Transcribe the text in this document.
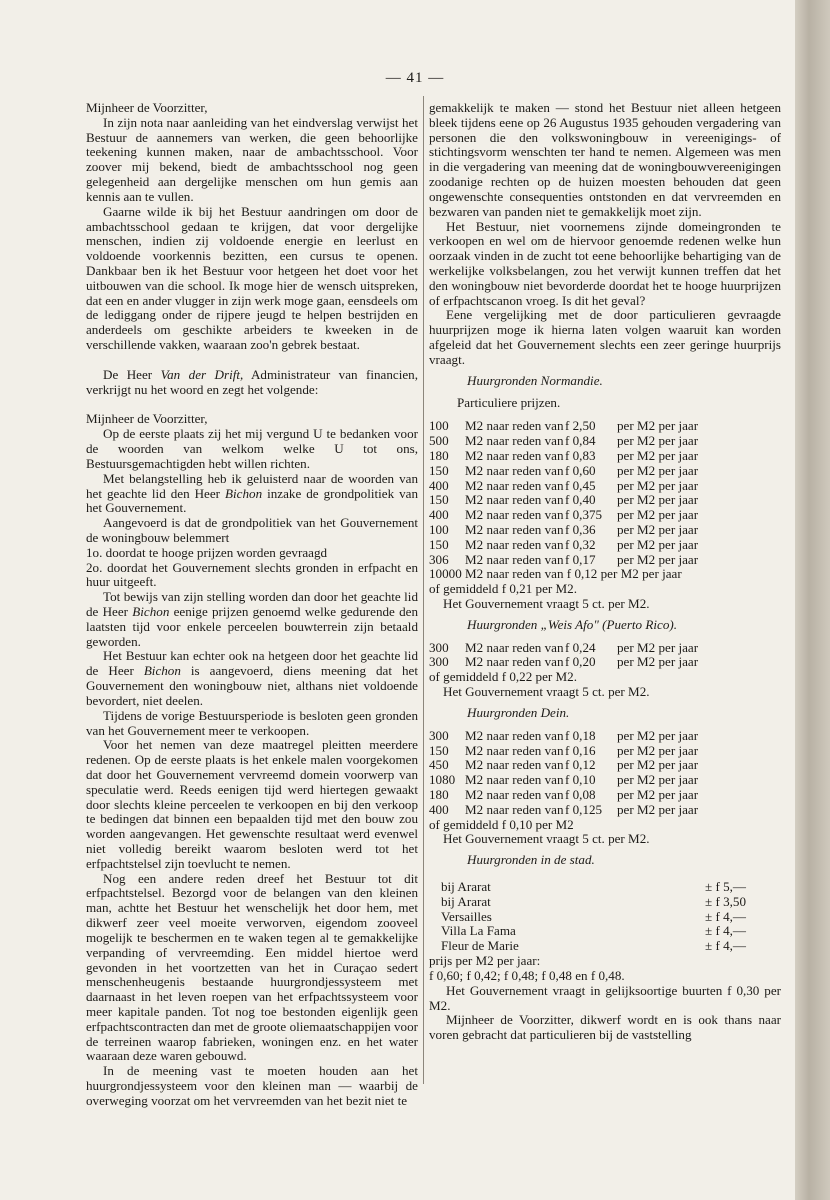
— 41 —

Mijnheer de Voorzitter,

In zijn nota naar aanleiding van het eindverslag verwijst het Bestuur de aannemers van werken, die geen behoorlijke teekening kunnen maken, naar de ambachtsschool. Voor zoover mij bekend, biedt de ambachtsschool nog geen gelegenheid aan dergelijke menschen om hun gemis aan kennis aan te vullen.

Gaarne wilde ik bij het Bestuur aandringen om door de ambachtsschool gedaan te krijgen, dat voor dergelijke menschen, indien zij voldoende energie en leerlust en voldoende voorkennis bezitten, een cursus te openen. Dankbaar ben ik het Bestuur voor hetgeen het doet voor het uitbouwen van die school. Ik moge hier de wensch uitspreken, dat een en ander vlugger in zijn werk moge gaan, eensdeels om de lediggang onder de rijpere jeugd te helpen bestrijden en anderdeels om geschikte arbeiders te kweeken in de verschillende vakken, waaraan zoo'n gebrek bestaat.

De Heer Van der Drift, Administrateur van financien, verkrijgt nu het woord en zegt het volgende:

Mijnheer de Voorzitter,

Op de eerste plaats zij het mij vergund U te bedanken voor de woorden van welkom welke U tot ons, Bestuursgemachtigden hebt willen richten.

Met belangstelling heb ik geluisterd naar de woorden van het geachte lid den Heer Bichon inzake de grondpolitiek van het Gouvernement.

Aangevoerd is dat de grondpolitiek van het Gouvernement de woningbouw belemmert

1o. doordat te hooge prijzen worden gevraagd

2o. doordat het Gouvernement slechts gronden in erfpacht en huur uitgeeft.

Tot bewijs van zijn stelling worden dan door het geachte lid de Heer Bichon eenige prijzen genoemd welke gedurende den laatsten tijd voor enkele perceelen bouwterrein zijn betaald geworden.

Het Bestuur kan echter ook na hetgeen door het geachte lid de Heer Bichon is aangevoerd, diens meening dat het Gouvernement den woningbouw niet, althans niet voldoende bevordert, niet deelen.

Tijdens de vorige Bestuursperiode is besloten geen gronden van het Gouvernement meer te verkoopen.

Voor het nemen van deze maatregel pleitten meerdere redenen. Op de eerste plaats is het enkele malen voorgekomen dat door het Gouvernement vervreemd domein voorwerp van speculatie werd. Reeds eenigen tijd werd hiertegen gewaakt door slechts kleine perceelen te verkoopen en bij den verkoop te bedingen dat binnen een bepaalden tijd met den bouw zou worden aangevangen. Het gewenschte resultaat werd evenwel niet volledig bereikt waarom besloten werd tot het erfpachtstelsel zijn toevlucht te nemen.

Nog een andere reden dreef het Bestuur tot dit erfpachtstelsel. Bezorgd voor de belangen van den kleinen man, achtte het Bestuur het wenschelijk het door hem, met dikwerf zeer veel moeite verworven, eigendom zooveel mogelijk te beschermen en te waken tegen al te gemakkelijke verpanding of vervreemding. Een middel hiertoe werd gevonden in het voortzetten van het in Curaçao sedert menschenheugenis bestaande huurgrondjessysteem met daarnaast in het leven roepen van het erfpachtssysteem voor meer kapitale panden. Tot nog toe bestonden eigenlijk geen erfpachtscontracten dan met de groote oliemaatschappijen voor de terreinen waarop fabrieken, woningen enz. en het water waaraan deze waren gebouwd.

In de meening vast te moeten houden aan het huurgrondjessysteem voor den kleinen man — waarbij de overweging voorzat om het vervreemden van het bezit niet te

gemakkelijk te maken — stond het Bestuur niet alleen hetgeen bleek tijdens eene op 26 Augustus 1935 gehouden vergadering van personen die den volkswoningbouw in vereenigings- of stichtingsvorm wenschten ter hand te nemen. Algemeen was men in die vergadering van meening dat de woningbouwvereenigingen zoodanige rechten op de huizen moesten behouden dat geen ongewenschte consequenties ontstonden en dat vervreemden en bezwaren van panden niet te gemakkelijk moet zijn.

Het Bestuur, niet voornemens zijnde domeingronden te verkoopen en wel om de hiervoor genoemde redenen welke hun oorzaak vinden in de zucht tot eene behoorlijke behartiging van de werkelijke volksbelangen, zou het verwijt kunnen treffen dat het den woningbouw niet bevorderde doordat het te hooge huurprijzen of erfpachtscanon vroeg. Is dit het geval?

Eene vergelijking met de door particulieren gevraagde huurprijzen moge ik hierna laten volgen waaruit kan worden afgeleid dat het Gouvernement slechts een zeer geringe huurprijs vraagt.

Huurgronden Normandie.

Particuliere prijzen.

100	M2 naar reden van	f 2,50	per M2 per jaar
500	M2 naar reden van	f 0,84	per M2 per jaar
180	M2 naar reden van	f 0,83	per M2 per jaar
150	M2 naar reden van	f 0,60	per M2 per jaar
400	M2 naar reden van	f 0,45	per M2 per jaar
150	M2 naar reden van	f 0,40	per M2 per jaar
400	M2 naar reden van	f 0,375	per M2 per jaar
100	M2 naar reden van	f 0,36	per M2 per jaar
150	M2 naar reden van	f 0,32	per M2 per jaar
306	M2 naar reden van	f 0,17	per M2 per jaar

10000 M2 naar reden van f 0,12 per M2 per jaar

of gemiddeld f 0,21 per M2.

Het Gouvernement vraagt 5 ct. per M2.

Huurgronden „Weis Afo" (Puerto Rico).
300	M2 naar reden van	f 0,24	per M2 per jaar
300	M2 naar reden van	f 0,20	per M2 per jaar

of gemiddeld f 0,22 per M2.

Het Gouvernement vraagt 5 ct. per M2.

Huurgronden Dein.
300	M2 naar reden van	f 0,18	per M2 per jaar
150	M2 naar reden van	f 0,16	per M2 per jaar
450	M2 naar reden van	f 0,12	per M2 per jaar
1080	M2 naar reden van	f 0,10	per M2 per jaar
180	M2 naar reden van	f 0,08	per M2 per jaar
400	M2 naar reden van	f 0,125	per M2 per jaar

of gemiddeld f 0,10 per M2

Het Gouvernement vraagt 5 ct. per M2.

Huurgronden in de stad.
bij Ararat	± f 5,—
bij Ararat	± f 3,50
Versailles	± f 4,—
Villa La Fama	± f 4,—
Fleur de Marie	± f 4,—

prijs per M2 per jaar:

f 0,60; f 0,42; f 0,48; f 0,48 en f 0,48.

Het Gouvernement vraagt in gelijksoortige buurten f 0,30 per M2.

Mijnheer de Voorzitter, dikwerf wordt en is ook thans naar voren gebracht dat particulieren bij de vaststelling
